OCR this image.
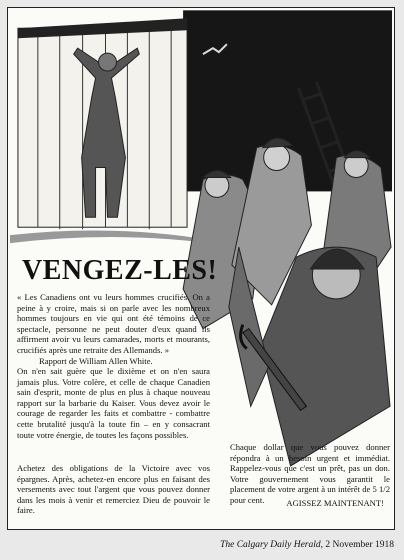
VENGEZ-LES!
« Les Canadiens ont vu leurs hommes crucifiés. On a peine à y croire, mais si on parle avec les nombreux hommes toujours en vie qui ont été témoins de ce spectacle, personne ne peut douter d'eux quand ils affirment avoir vu leurs camarades, morts et mourants, crucifiés après une retraite des Allemands. »
Rapport de William Allen White.
On n'en sait guère que le dixième et on n'en saura jamais plus. Votre colère, et celle de chaque Canadien sain d'esprit, monte de plus en plus à chaque nouveau rapport sur la barbarie du Kaiser. Vous devez avoir le courage de regarder les faits et combattre - combattre cette brutalité jusqu'à la toute fin – en y consacrant toute votre énergie, de toutes les façons possibles.
Achetez des obligations de la Victoire avec vos épargnes. Après, achetez-en encore plus en faisant des versements avec tout l'argent que vous pouvez donner dans les mois à venir et remerciez Dieu de pouvoir le faire.
Chaque dollar que vous pouvez donner répondra à un besoin urgent et immédiat. Rappelez-vous que c'est un prêt, pas un don. Votre gouvernement vous garantit le placement de votre argent à un intérêt de 5 1/2 pour cent.	AGISSEZ MAINTENANT!
The Calgary Daily Herald, 2 November 1918
